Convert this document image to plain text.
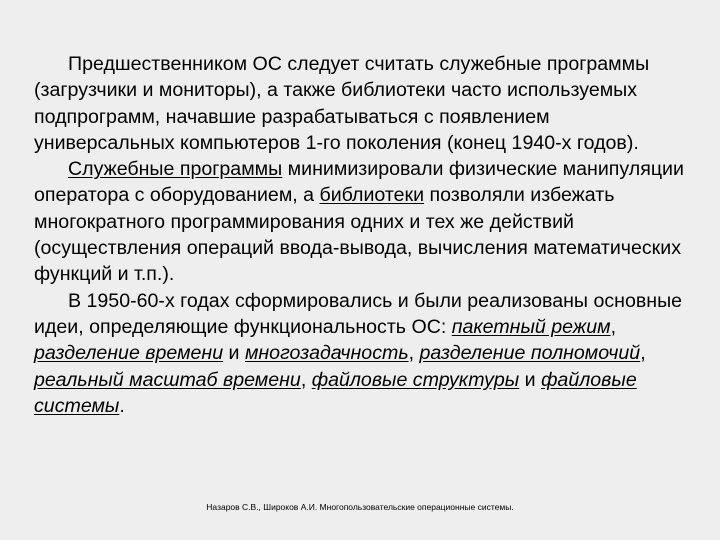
Предшественником ОС следует считать служебные программы (загрузчики и мониторы), а также библиотеки часто используемых подпрограмм, начавшие разрабатываться с появлением универсальных компьютеров 1-го поколения (конец 1940-х годов).

Служебные программы минимизировали физические манипуляции оператора с оборудованием, а библиотеки позволяли избежать многократного программирования одних и тех же действий (осуществления операций ввода-вывода, вычисления математических функций и т.п.).

В 1950-60-х годах сформировались и были реализованы основные идеи, определяющие функциональность ОС: пакетный режим, разделение времени и многозадачность, разделение полномочий, реальный масштаб времени, файловые структуры и файловые системы.

Назаров С.В., Широков А.И. Многопользовательские операционные системы.
